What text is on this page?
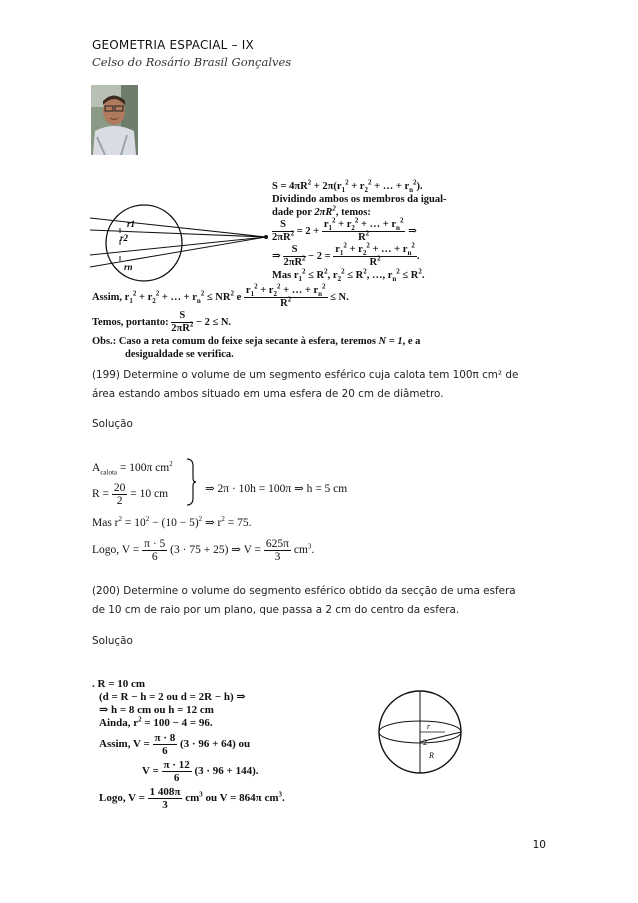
GEOMETRIA ESPACIAL – IX
Celso do Rosário Brasil Gonçalves
r1
r2
rn
$S = 4\pi R^2 + 2\pi(r_1^2 + r_2^2$ + … + $r_n^2$).
Dividindo ambos os membros da igual-
dade por $2\pi R^2$, temos:
$\frac{S}{2\pi R^2} = 2 + \frac{r_1^2 + r_2^2 + \dots + r_n^2}{R^2}$ ⇒
⇒ $\frac{S}{2\pi R^2} - 2 = \frac{r_1^2 + r_2^2 + \dots + r_n^2}{R^2}$ .
Mas $r_1^2 \le R^2$, $r_2^2 \le R^2$, …, $r_n^2 \le R^2$.
Assim, $r_1^2 + r_2^2$ + … + $r_n^2 \le NR^2$ e $\frac{r_1^2 + r_2^2 + \dots + r_n^2}{R^2} \le N$.
Temos, portanto: $\frac{S}{2\pi R^2} - 2 \le N$.
Obs.: Caso a reta comum do feixe seja secante à esfera, teremos N = 1, e a
desigualdade se verifica.
(199) Determine o volume de um segmento esférico cuja calota tem 100π cm² de
área estando ambos situado em uma esfera de 20 cm de diâmetro.
Solução
$A_{calota} = 100\pi$ $cm^2$
$R = \frac{20}{2} = 10$ cm	⇒ 2π · 10h = 100π ⇒ h = 5 cm
Mas $r^2 = 10^2 - (10 - 5)^2$ ⇒ $r^2 = 75$.
Logo, $V = \frac{\pi \cdot 5}{6} (3 \cdot 75 + 25)$ ⇒ $V = \frac{625\pi}{3} cm^3$.
(200) Determine o volume do segmento esférico obtido da secção de uma esfera
de 10 cm de raio por um plano, que passa a 2 cm do centro da esfera.
Solução
. R = 10 cm
(d = R − h = 2 ou d = 2R − h) ⇒
⇒ h = 8 cm ou h = 12 cm
Ainda, $r^2 = 100 - 4 = 96$.
Assim, $V = \frac{\pi \cdot 8}{6} (3 \cdot 96 + 64)$ ou
$V = \frac{\pi \cdot 12}{6} (3 \cdot 96 + 144)$.
Logo, $V = \frac{1 408\pi}{3} cm^3$ ou V = 864π $cm^3$.
r
2
R
10
